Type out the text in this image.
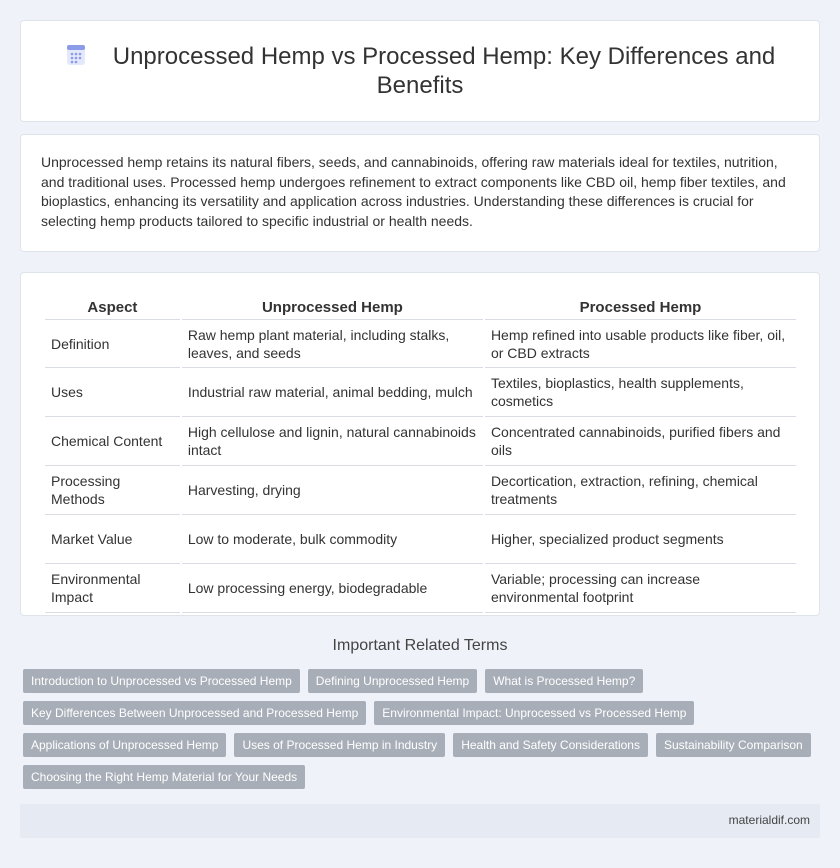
Unprocessed Hemp vs Processed Hemp: Key Differences and Benefits

Unprocessed hemp retains its natural fibers, seeds, and cannabinoids, offering raw materials ideal for textiles, nutrition, and traditional uses. Processed hemp undergoes refinement to extract components like CBD oil, hemp fiber textiles, and bioplastics, enhancing its versatility and application across industries. Understanding these differences is crucial for selecting hemp products tailored to specific industrial or health needs.

Aspect	Unprocessed Hemp	Processed Hemp
Definition	Raw hemp plant material, including stalks, leaves, and seeds	Hemp refined into usable products like fiber, oil, or CBD extracts
Uses	Industrial raw material, animal bedding, mulch	Textiles, bioplastics, health supplements, cosmetics
Chemical Content	High cellulose and lignin, natural cannabinoids intact	Concentrated cannabinoids, purified fibers and oils
Processing Methods	Harvesting, drying	Decortication, extraction, refining, chemical treatments
Market Value	Low to moderate, bulk commodity	Higher, specialized product segments
Environmental Impact	Low processing energy, biodegradable	Variable; processing can increase environmental footprint
Important Related Terms
Introduction to Unprocessed vs Processed Hemp	Defining Unprocessed Hemp	What is Processed Hemp?
Key Differences Between Unprocessed and Processed Hemp	Environmental Impact: Unprocessed vs Processed Hemp
Applications of Unprocessed Hemp	Uses of Processed Hemp in Industry	Health and Safety Considerations	Sustainability Comparison
Choosing the Right Hemp Material for Your Needs
materialdif.com
